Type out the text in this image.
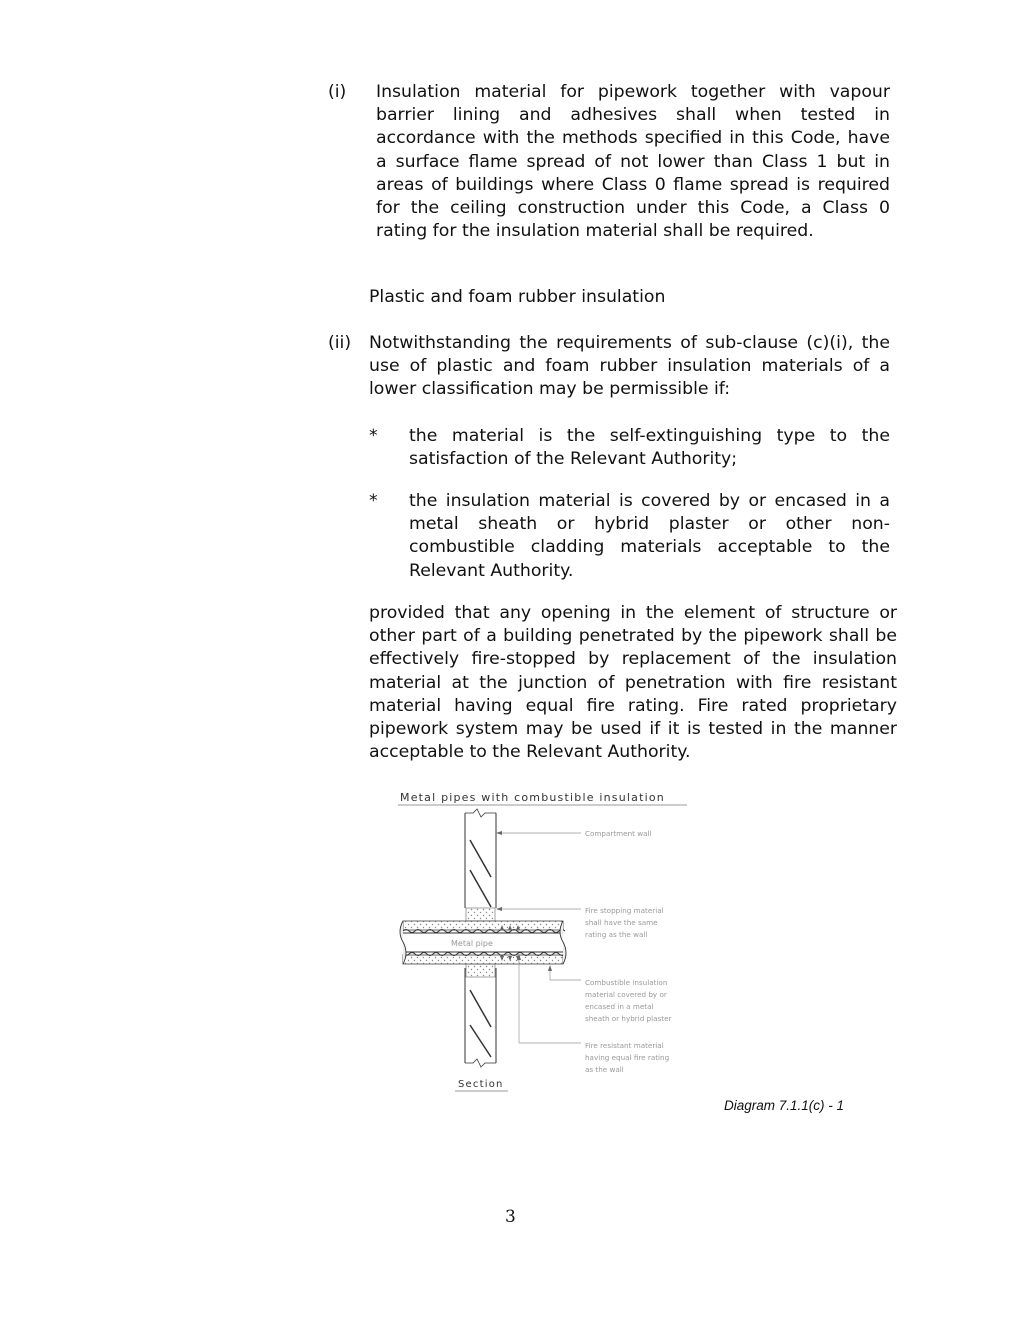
(i) Insulation material for pipework together with vapour barrier lining and adhesives shall when tested in accordance with the methods specified in this Code, have a surface flame spread of not lower than Class 1 but in areas of buildings where Class 0 flame spread is required for the ceiling construction under this Code, a Class 0 rating for the insulation material shall be required.
Plastic and foam rubber insulation
(ii) Notwithstanding the requirements of sub-clause (c)(i), the use of plastic and foam rubber insulation materials of a lower classification may be permissible if:
* the material is the self-extinguishing type to the satisfaction of the Relevant Authority;
* the insulation material is covered by or encased in a metal sheath or hybrid plaster or other non-combustible cladding materials acceptable to the Relevant Authority.
provided that any opening in the element of structure or other part of a building penetrated by the pipework shall be effectively fire-stopped by replacement of the insulation material at the junction of penetration with fire resistant material having equal fire rating. Fire rated proprietary pipework system may be used if it is tested in the manner acceptable to the Relevant Authority.
Metal pipes with combustible insulation
Metal pipe
Compartment wall
Fire stopping material
shall have the same
rating as the wall
Combustible insulation
material covered by or
encased in a metal
sheath or hybrid plaster
Fire resistant material
having equal fire rating
as the wall
Section
Diagram 7.1.1(c) - 1
3
